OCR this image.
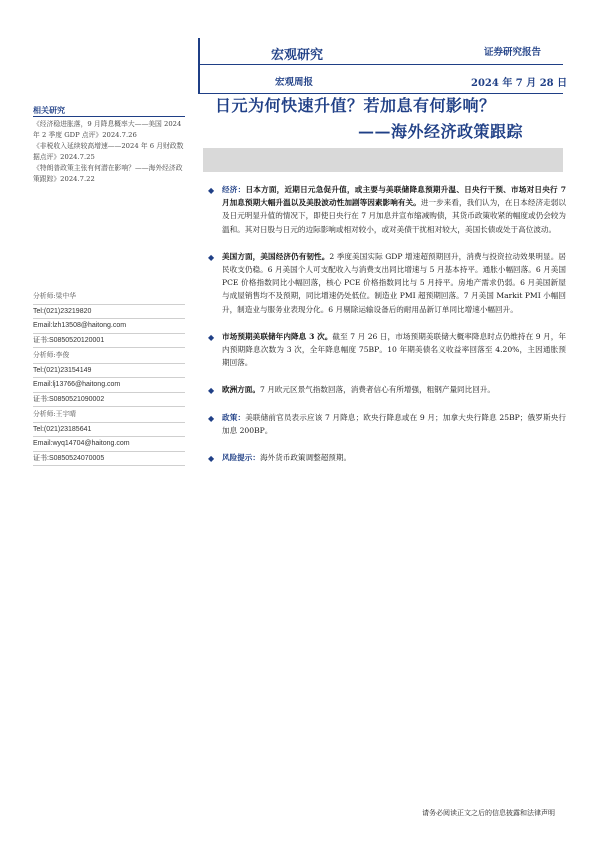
宏观研究	证券研究报告
宏观周报	2024 年 7 月 28 日
相关研究
《经济稳进胀落，9 月降息概率大——美国 2024 年 2 季度 GDP 点评》2024.7.26
《非税收入延续较高增速——2024 年 6 月财政数据点评》2024.7.25
《特朗普政策主张有何潜在影响？——海外经济政策跟踪》2024.7.22
分析师:梁中华
Tel:(021)23219820
Email:lzh13508@haitong.com
证书:S0850520120001
分析师:李俊
Tel:(021)23154149
Email:lj13766@haitong.com
证书:S0850521090002
分析师:王宇晴
Tel:(021)23185641
Email:wyq14704@haitong.com
证书:S0850524070005
日元为何快速升值？若加息有何影响？
——海外经济政策跟踪
◆	经济：日本方面，近期日元急促升值，或主要与美联储降息预期升温、日央行干预、市场对日央行 7 月加息预期大幅升温以及美股波动性加剧等因素影响有关。进一步来看，我们认为，在日本经济走弱以及日元明显升值的情况下，即使日央行在 7 月加息并宣布缩减购债，其货币政策收紧的幅度或仍会较为温和。其对日股与日元的边际影响或相对较小，或对美债干扰相对较大，美国长债或处于高位波动。
◆	美国方面，美国经济仍有韧性。2 季度美国实际 GDP 增速超预期回升，消费与投资拉动效果明显。居民收支仍稳。6 月美国个人可支配收入与消费支出同比增速与 5 月基本持平。通胀小幅回落。6 月美国 PCE 价格指数同比小幅回落，核心 PCE 价格指数同比与 5 月持平。房地产需求仍弱。6 月美国新屋与成屋销售均不及预期，同比增速仍处低位。制造业 PMI 超预期回落。7 月美国 Markit PMI 小幅回升，制造业与服务业表现分化。6 月剔除运输设备后的耐用品新订单同比增速小幅回升。
◆	市场预期美联储年内降息 3 次。截至 7 月 26 日，市场预期美联储大概率降息时点仍维持在 9 月，年内预期降息次数为 3 次，全年降息幅度 75BP。10 年期美债名义收益率回落至 4.20%，主因通胀预期回落。
◆	欧洲方面。7 月欧元区景气指数回落，消费者信心有所增强，粗钢产量同比回升。
◆	政策：美联储前官员表示应该 7 月降息；欧央行降息或在 9 月；加拿大央行降息 25BP；俄罗斯央行加息 200BP。
◆	风险提示：海外货币政策调整超预期。
请务必阅读正文之后的信息披露和法律声明
